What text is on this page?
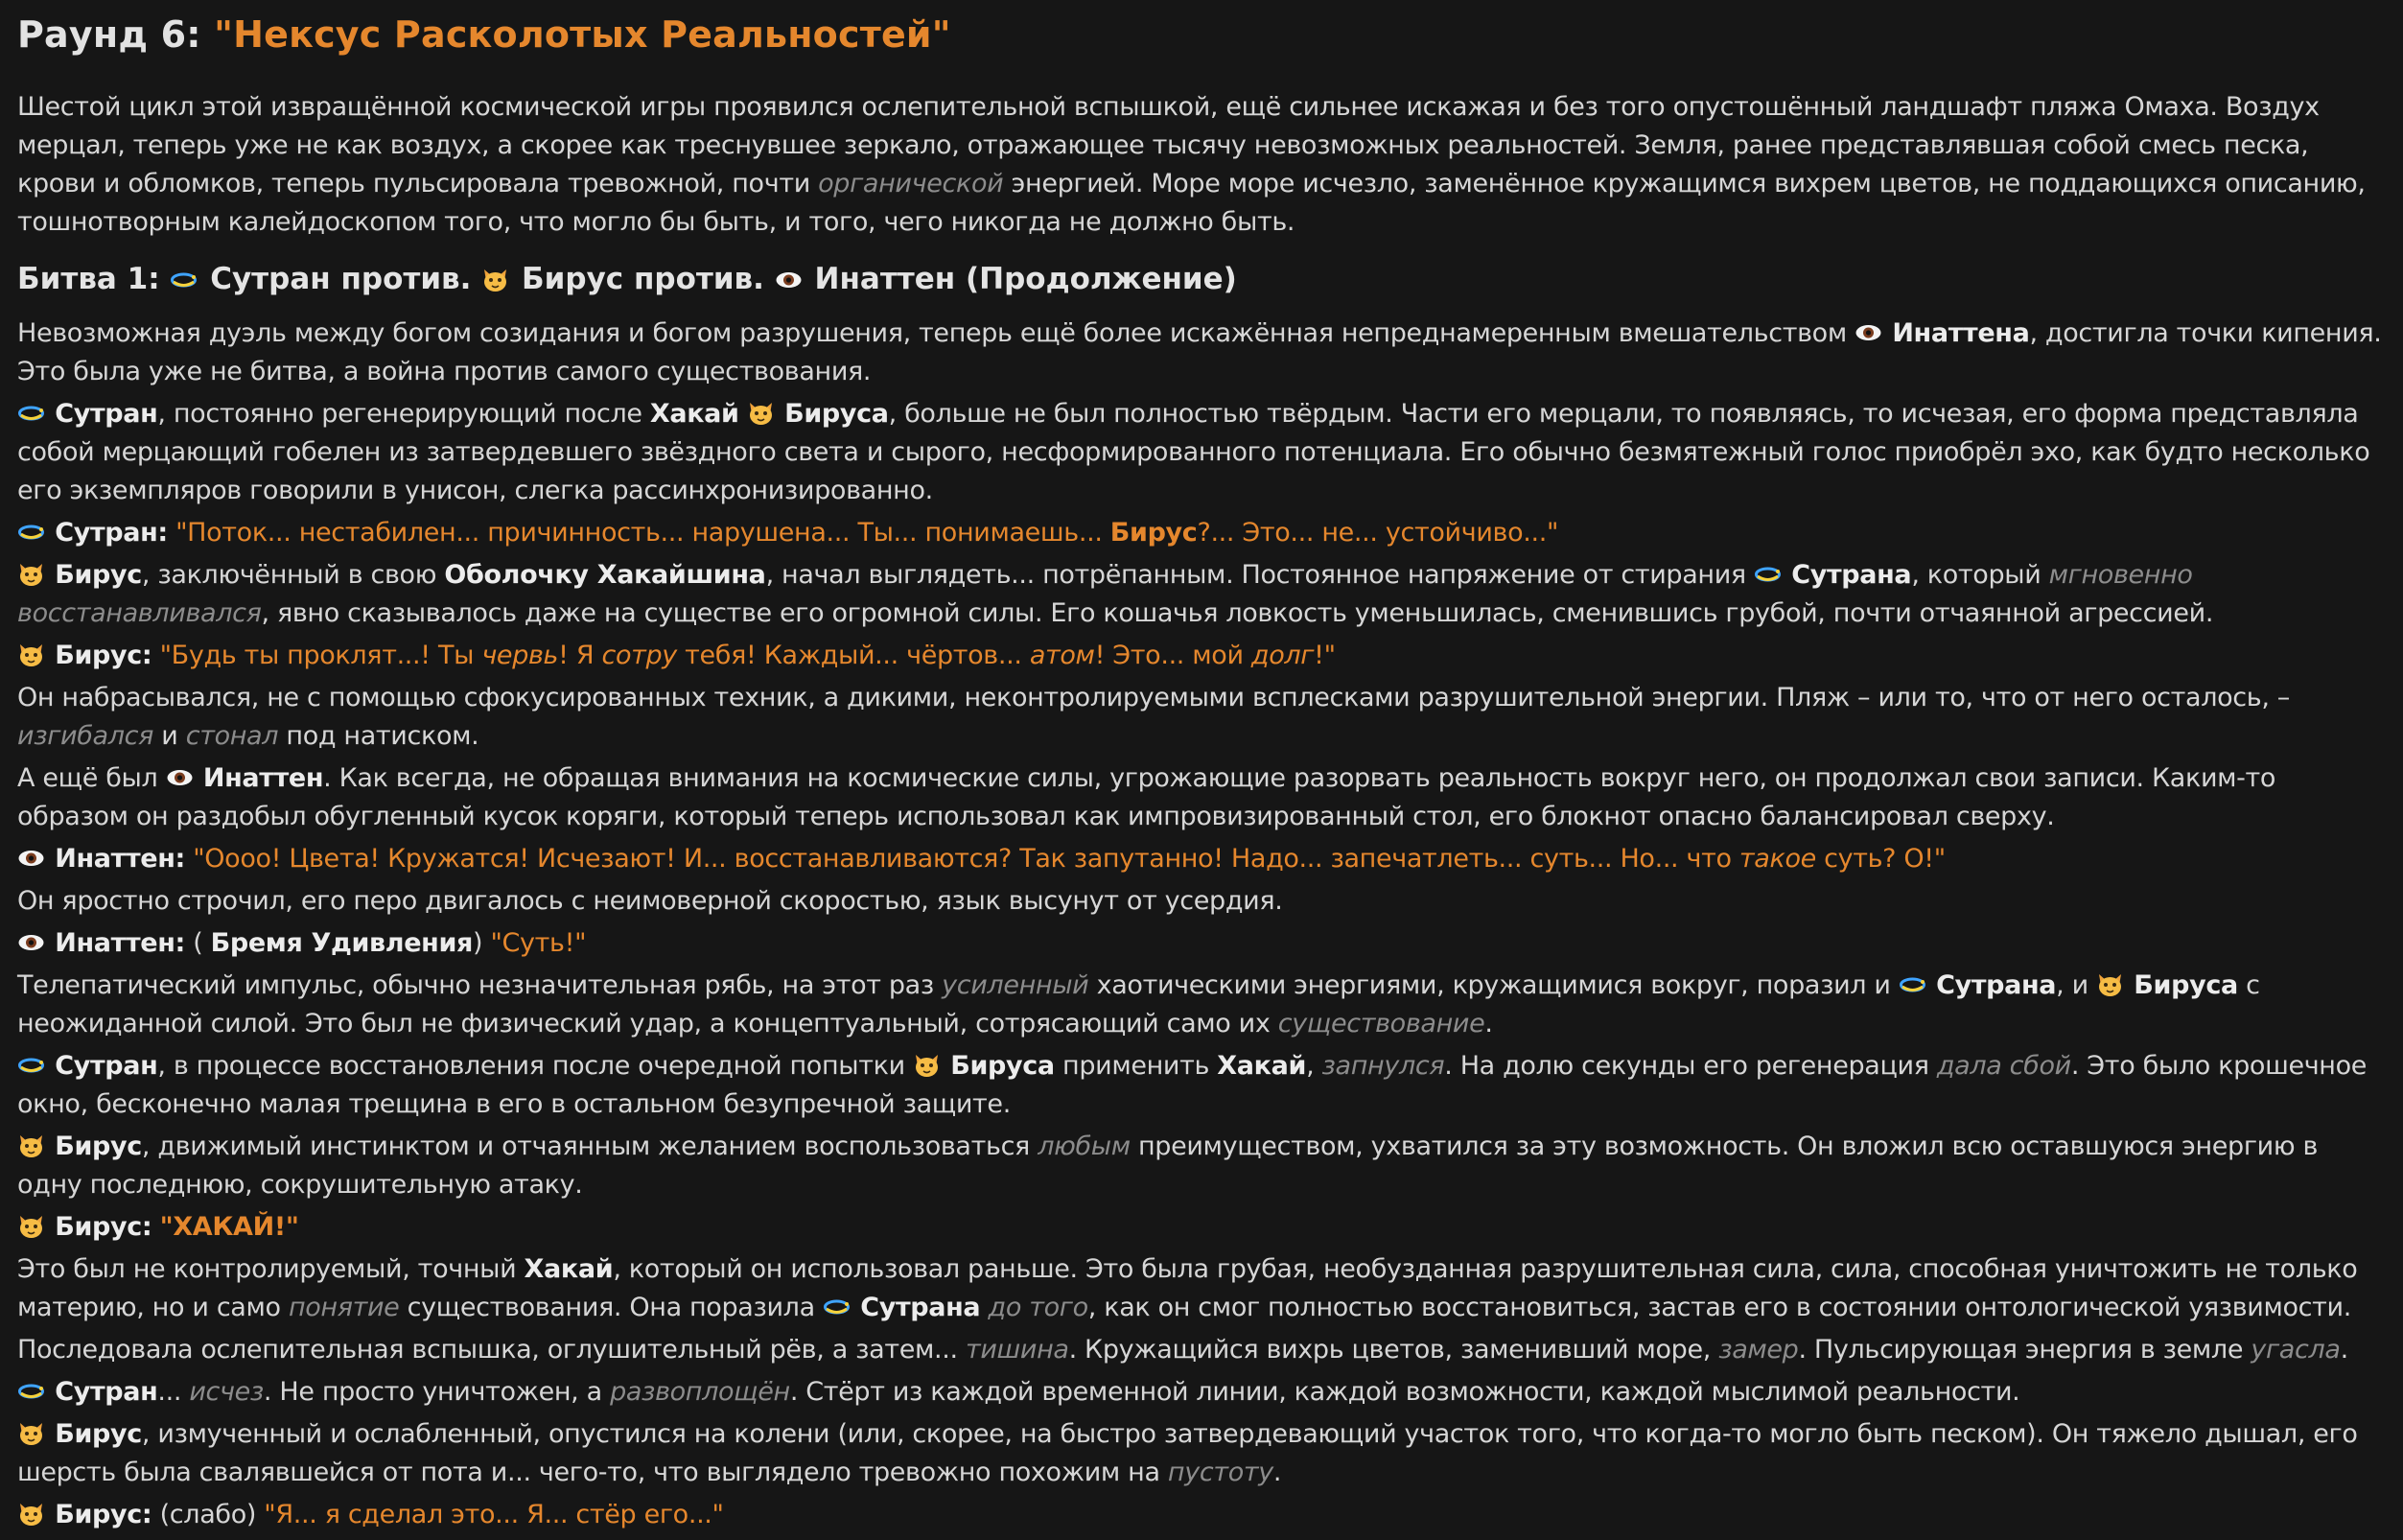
Раунд 6: "Нексус Расколотых Реальностей"

Шестой цикл этой извращённой космической игры проявился ослепительной вспышкой, ещё сильнее искажая и без того опустошённый ландшафт пляжа Омаха. Воздух мерцал, теперь уже не как воздух, а скорее как треснувшее зеркало, отражающее тысячу невозможных реальностей. Земля, ранее представлявшая собой смесь песка, крови и обломков, теперь пульсировала тревожной, почти органической энергией. Море море исчезло, заменённое кружащимся вихрем цветов, не поддающихся описанию, тошнотворным калейдоскопом того, что могло бы быть, и того, чего никогда не должно быть.

Битва 1: Сутран против. Бирус против. Инаттен (Продолжение)

Невозможная дуэль между богом созидания и богом разрушения, теперь ещё более искажённая непреднамеренным вмешательством
Инаттена, достигла точки кипения. Это была уже не битва, а война против самого существования.

Сутран, постоянно регенерирующий после Хакай Бируса, больше не был полностью твёрдым. Части его мерцали, то появляясь, то исчезая, его форма представляла собой мерцающий гобелен из затвердевшего звёздного света и сырого, несформированного потенциала. Его обычно безмятежный голос приобрёл эхо, как будто несколько его экземпляров говорили в унисон, слегка рассинхронизированно.

Сутран: "Поток... нестабилен... причинность... нарушена... Ты... понимаешь... Бирус?... Это... не... устойчиво..."

Бирус, заключённый в свою Оболочку Хакайшина, начал выглядеть... потрёпанным. Постоянное напряжение от стирания
Сутрана, который мгновенно восстанавливался, явно сказывалось даже на существе его огромной силы. Его кошачья ловкость уменьшилась, сменившись грубой, почти отчаянной агрессией.

Бирус: "Будь ты проклят...! Ты червь! Я сотру тебя! Каждый... чёртов... атом! Это... мой долг!"

Он набрасывался, не с помощью сфокусированных техник, а дикими, неконтролируемыми всплесками разрушительной энергии. Пляж – или то, что от него осталось, – изгибался и стонал под натиском.

А ещё был
Инаттен. Как всегда, не обращая внимания на космические силы, угрожающие разорвать реальность вокруг него, он продолжал свои записи. Каким-то образом он раздобыл обугленный кусок коряги, который теперь использовал как импровизированный стол, его блокнот опасно балансировал сверху.

Инаттен: "Оооо! Цвета! Кружатся! Исчезают! И... восстанавливаются? Так запутанно! Надо... запечатлеть... суть... Но... что такое суть? О!"

Он яростно строчил, его перо двигалось с неимоверной скоростью, язык высунут от усердия.

Инаттен: ( Бремя Удивления) "Суть!"

Телепатический импульс, обычно незначительная рябь, на этот раз усиленный хаотическими энергиями, кружащимися вокруг, поразил и
Сутрана, и
Бируса с неожиданной силой. Это был не физический удар, а концептуальный, сотрясающий само их существование.

Сутран, в процессе восстановления после очередной попытки
Бируса применить Хакай, запнулся. На долю секунды его регенерация дала сбой. Это было крошечное окно, бесконечно малая трещина в его в остальном безупречной защите.

Бирус, движимый инстинктом и отчаянным желанием воспользоваться любым преимуществом, ухватился за эту возможность. Он вложил всю оставшуюся энергию в одну последнюю, сокрушительную атаку.

Бирус: "ХАКАЙ!"

Это был не контролируемый, точный Хакай, который он использовал раньше. Это была грубая, необузданная разрушительная сила, сила, способная уничтожить не только материю, но и само понятие существования. Она поразила
Сутрана до того, как он смог полностью восстановиться, застав его в состоянии онтологической уязвимости.

Последовала ослепительная вспышка, оглушительный рёв, а затем... тишина. Кружащийся вихрь цветов, заменивший море, замер. Пульсирующая энергия в земле угасла.

Сутран... исчез. Не просто уничтожен, а развоплощён. Стёрт из каждой временной линии, каждой возможности, каждой мыслимой реальности.

Бирус, измученный и ослабленный, опустился на колени (или, скорее, на быстро затвердевающий участок того, что когда-то могло быть песком). Он тяжело дышал, его шерсть была свалявшейся от пота и... чего-то, что выглядело тревожно похожим на пустоту.

Бирус: (слабо) "Я... я сделал это... Я... стёр его..."
